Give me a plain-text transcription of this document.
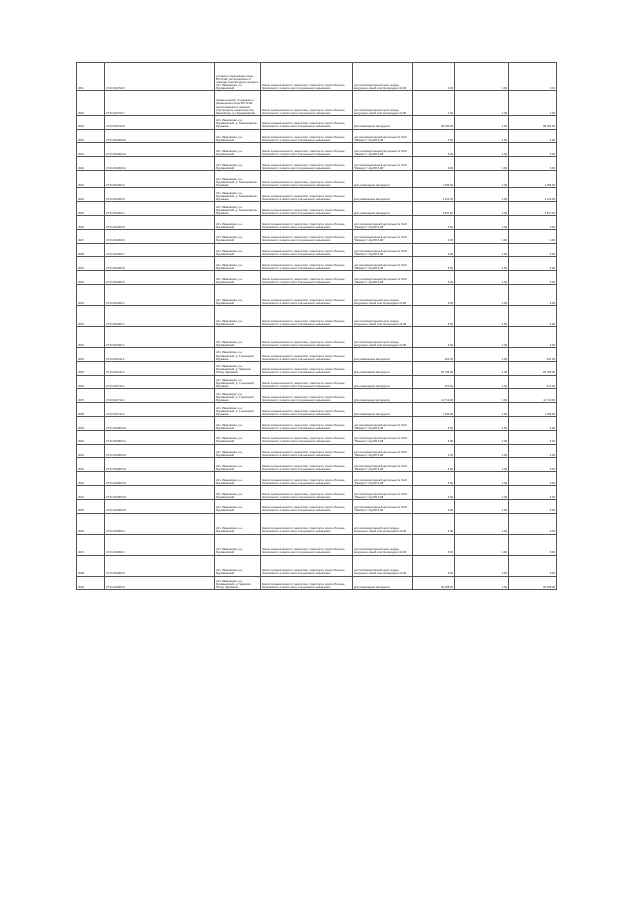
3011	37:01:010702:6	условного газопровода опоры ВЛ-10 кВ, расположенных в границах участка вдоль проезда к обл. Ивановская, р-н Фурмановский	Земли промышленности, энергетики, транспорта, земли обороны, безопасности и земли иного специального назначения	для производственной цели ограды воздушных линий электропередачи 10 кВ	0.00	1.00	0.01
3016	37:01:010702:7	промышленной, отчуждения и размещения опоры ВЛ-10 кВ, расположенных в границах участка вдоль хранилища обл. Ивановская, р-н Фурмановский	Земли промышленности, энергетики, транспорта, земли обороны, безопасности и земли иного специального назначения	для производственной цели ограды воздушных линий электропередачи 10 кВ	1.00	1.00	1.00
3019	37:01:010702:8	обл. Ивановская, р-н Фурмановский, д. Тимошковское, Фурманов	Земли промышленности, энергетики, транспорта, земли обороны, безопасности и земли иного специального назначения	Для размещения автодороги	38 181.00	1.00	38 181.00
3020	37:01:010000:10	обл. Ивановская, р-н Фурмановский	Земли промышленности, энергетики, транспорта, земли обороны, безопасности и земли иного специального назначения	для производственной деятельности ОАО "Ивэнерго" под ВЛ-6 кВ	4.00	1.00	4.00
3021	37:01:010004:10	обл. Ивановская, р-н Фурмановский	Земли промышленности, энергетики, транспорта, земли обороны, безопасности и земли иного специального назначения	для производственной деятельности ОАО "Ивэнерго" под ВЛ-6 кВ	5.00	1.00	5.00
3022	37:01:010004:11	обл. Ивановская, р-н Фурмановский	Земли промышленности, энергетики, транспорта, земли обороны, безопасности и земли иного специального назначения	для производственной деятельности ОАО "Ивэнерго" под ВЛ-6 кВ	6.00	1.00	6.00
3023	37:01:010004:2	обл. Ивановская, р-н Фурмановский, д. Тимошковское, Фурманов	Земли промышленности, энергетики, транспорта, земли обороны, безопасности и земли иного специального назначения	Для размещения автодороги	1 485.00	1.00	1 485.00
3024	37:01:010004:3	обл. Ивановская, р-н Фурмановский, д. Тимошковское, Фурманов	Земли промышленности, энергетики, транспорта, земли обороны, безопасности и земли иного специального назначения	Для размещения автодороги	2 110.00	1.00	2 110.00
3025	37:01:010004:4	обл. Ивановская, р-н Фурмановский, д. Тимошковское, Фурманов	Земли промышленности, энергетики, транспорта, земли обороны, безопасности и земли иного специального назначения	Для размещения автодороги	4 847.00	1.00	4 847.00
3026	37:01:010004:5	обл. Ивановская, р-н Фурмановский	Земли промышленности, энергетики, транспорта, земли обороны, безопасности и земли иного специального назначения	для производственной деятельности ОАО "Ивэнерго" под ВЛ-6 кВ	3.00	1.00	3.00
3027	37:01:010004:6	обл. Ивановская, р-н Фурмановский	Земли промышленности, энергетики, транспорта, земли обороны, безопасности и земли иного специального назначения	для производственной деятельности ОАО "Ивэнерго" под ВЛ-6 кВ	4.00	1.00	4.00
3028	37:01:010004:7	обл. Ивановская, р-н Фурмановский	Земли промышленности, энергетики, транспорта, земли обороны, безопасности и земли иного специального назначения	для производственной деятельности ОАО "Ивэнерго" под ВЛ-6 кВ	5.00	1.00	5.00
3029	37:01:010004:8	обл. Ивановская, р-н Фурмановский	Земли промышленности, энергетики, транспорта, земли обороны, безопасности и земли иного специального назначения	для производственной деятельности ОАО "Ивэнерго" под ВЛ-6 кВ	5.00	1.00	5.00
3030	37:01:010004:9	обл. Ивановская, р-н Фурмановский	Земли промышленности, энергетики, транспорта, земли обороны, безопасности и земли иного специального назначения	для производственной деятельности ОАО "Ивэнерго" под ВЛ-6 кВ	5.00	1.00	5.00
3031	37:01:010601:1	обл. Ивановская, р-н Фурмановский	Земли промышленности, энергетики, транспорта, земли обороны, безопасности и земли иного специального назначения	для производственной цели ограды воздушных линий электропередачи 10 кВ	6.00	1.00	6.00
3032	37:01:010601:2	обл. Ивановская, р-н Фурмановский	Земли промышленности, энергетики, транспорта, земли обороны, безопасности и земли иного специального назначения	для производственной цели ограды воздушных линий электропередачи 10 кВ	6.00	1.00	6.00
3033	37:01:010601:3	обл. Ивановская, р-н Фурмановский	Земли промышленности, энергетики, транспорта, земли обороны, безопасности и земли иного специального назначения	для производственной цели ограды воздушных линий электропередачи 10 кВ	6.00	1.00	6.00
3034	37:01:010611:1	обл. Ивановская, р-н Фурмановский, д. Стрелецкий, Фурманов	Земли промышленности, энергетики, транспорта, земли обороны, безопасности и земли иного специального назначения	Для размещения автодороги	291.00	1.00	291.00
3035	37:01:010611:2	обл. Ивановская, р-н Фурмановский, д. Гаврилов-Посад, Фурманов	Земли промышленности, энергетики, транспорта, земли обороны, безопасности и земли иного специального назначения	Для размещения автодороги	20 766.00	1.00	20 766.00
3036	37:01:010711:1	обл. Ивановская, р-н Фурмановский, д. Стрелецкий, Фурманов	Земли промышленности, энергетики, транспорта, земли обороны, безопасности и земли иного специального назначения	Для размещения автодороги	272.00	1.00	272.00
3037	37:01:010711:2	обл. Ивановская, р-н Фурмановский, д. Стрелецкий, Фурманов	Земли промышленности, энергетики, транспорта, земли обороны, безопасности и земли иного специального назначения	Для размещения автодороги	11 713.00	1.00	11 713.00
3038	37:01:010711:3	обл. Ивановская, р-н Фурмановский, д. Стрелецкий, Фурманов	Земли промышленности, энергетики, транспорта, земли обороны, безопасности и земли иного специального назначения	Для размещения автодороги	7 195.00	1.00	7 195.00
3039	37:01:010803:10	обл. Ивановская, р-н Фурмановский	Земли промышленности, энергетики, транспорта, земли обороны, безопасности и земли иного специального назначения	для производственной деятельности ОАО "Ивэнерго" под ВЛ-6 кВ	6.00	1.00	6.00
3040	37:01:010803:11	обл. Ивановская, р-н Фурмановский	Земли промышленности, энергетики, транспорта, земли обороны, безопасности и земли иного специального назначения	для производственной деятельности ОАО "Ивэнерго" под ВЛ-6 кВ	5.00	1.00	5.00
3041	37:01:010803:12	обл. Ивановская, р-н Фурмановский	Земли промышленности, энергетики, транспорта, земли обороны, безопасности и земли иного специального назначения	для производственной деятельности ОАО "Ивэнерго" под ВЛ-6 кВ	4.00	1.00	4.00
3042	37:01:010803:13	обл. Ивановская, р-н Фурмановский	Земли промышленности, энергетики, транспорта, земли обороны, безопасности и земли иного специального назначения	для производственной деятельности ОАО "Ивэнерго" под ВЛ-6 кВ	5.00	1.00	5.00
3043	37:01:010803:14	обл. Ивановская, р-н Фурмановский	Земли промышленности, энергетики, транспорта, земли обороны, безопасности и земли иного специального назначения	для производственной деятельности ОАО "Ивэнерго" под ВЛ-6 кВ	5.00	1.00	5.00
3044	37:01:010803:15	обл. Ивановская, р-н Фурмановский	Земли промышленности, энергетики, транспорта, земли обороны, безопасности и земли иного специального назначения	для производственной деятельности ОАО "Ивэнерго" под ВЛ-6 кВ	5.00	1.00	5.00
3045	37:01:010803:16	обл. Ивановская, р-н Фурмановский	Земли промышленности, энергетики, транспорта, земли обороны, безопасности и земли иного специального назначения	для производственной деятельности ОАО "Ивэнерго" под ВЛ-6 кВ	5.00	1.00	5.00
3046	37:01:010803:3	обл. Ивановская, р-н Фурмановский	Земли промышленности, энергетики, транспорта, земли обороны, безопасности и земли иного специального назначения	для производственной цели ограды воздушных линий электропередачи 10 кВ	6.00	1.00	6.00
3047	37:01:010803:4	обл. Ивановская, р-н Фурмановский	Земли промышленности, энергетики, транспорта, земли обороны, безопасности и земли иного специального назначения	для производственной цели ограды воздушных линий электропередачи 10 кВ	5.00	1.00	5.00
3048	37:01:010803:5	обл. Ивановская, р-н Фурмановский	Земли промышленности, энергетики, транспорта, земли обороны, безопасности и земли иного специального назначения	для производственной цели ограды воздушных линий электропередачи 10 кВ	6.00	1.00	6.00
3049	37:01:010803:6	обл. Ивановская, р-н Фурмановский, д. Гаврилов-Посад, Фурманов	Земли промышленности, энергетики, транспорта, земли обороны, безопасности и земли иного специального назначения	Для размещения автодороги	40 058.00	1.00	40 058.00
